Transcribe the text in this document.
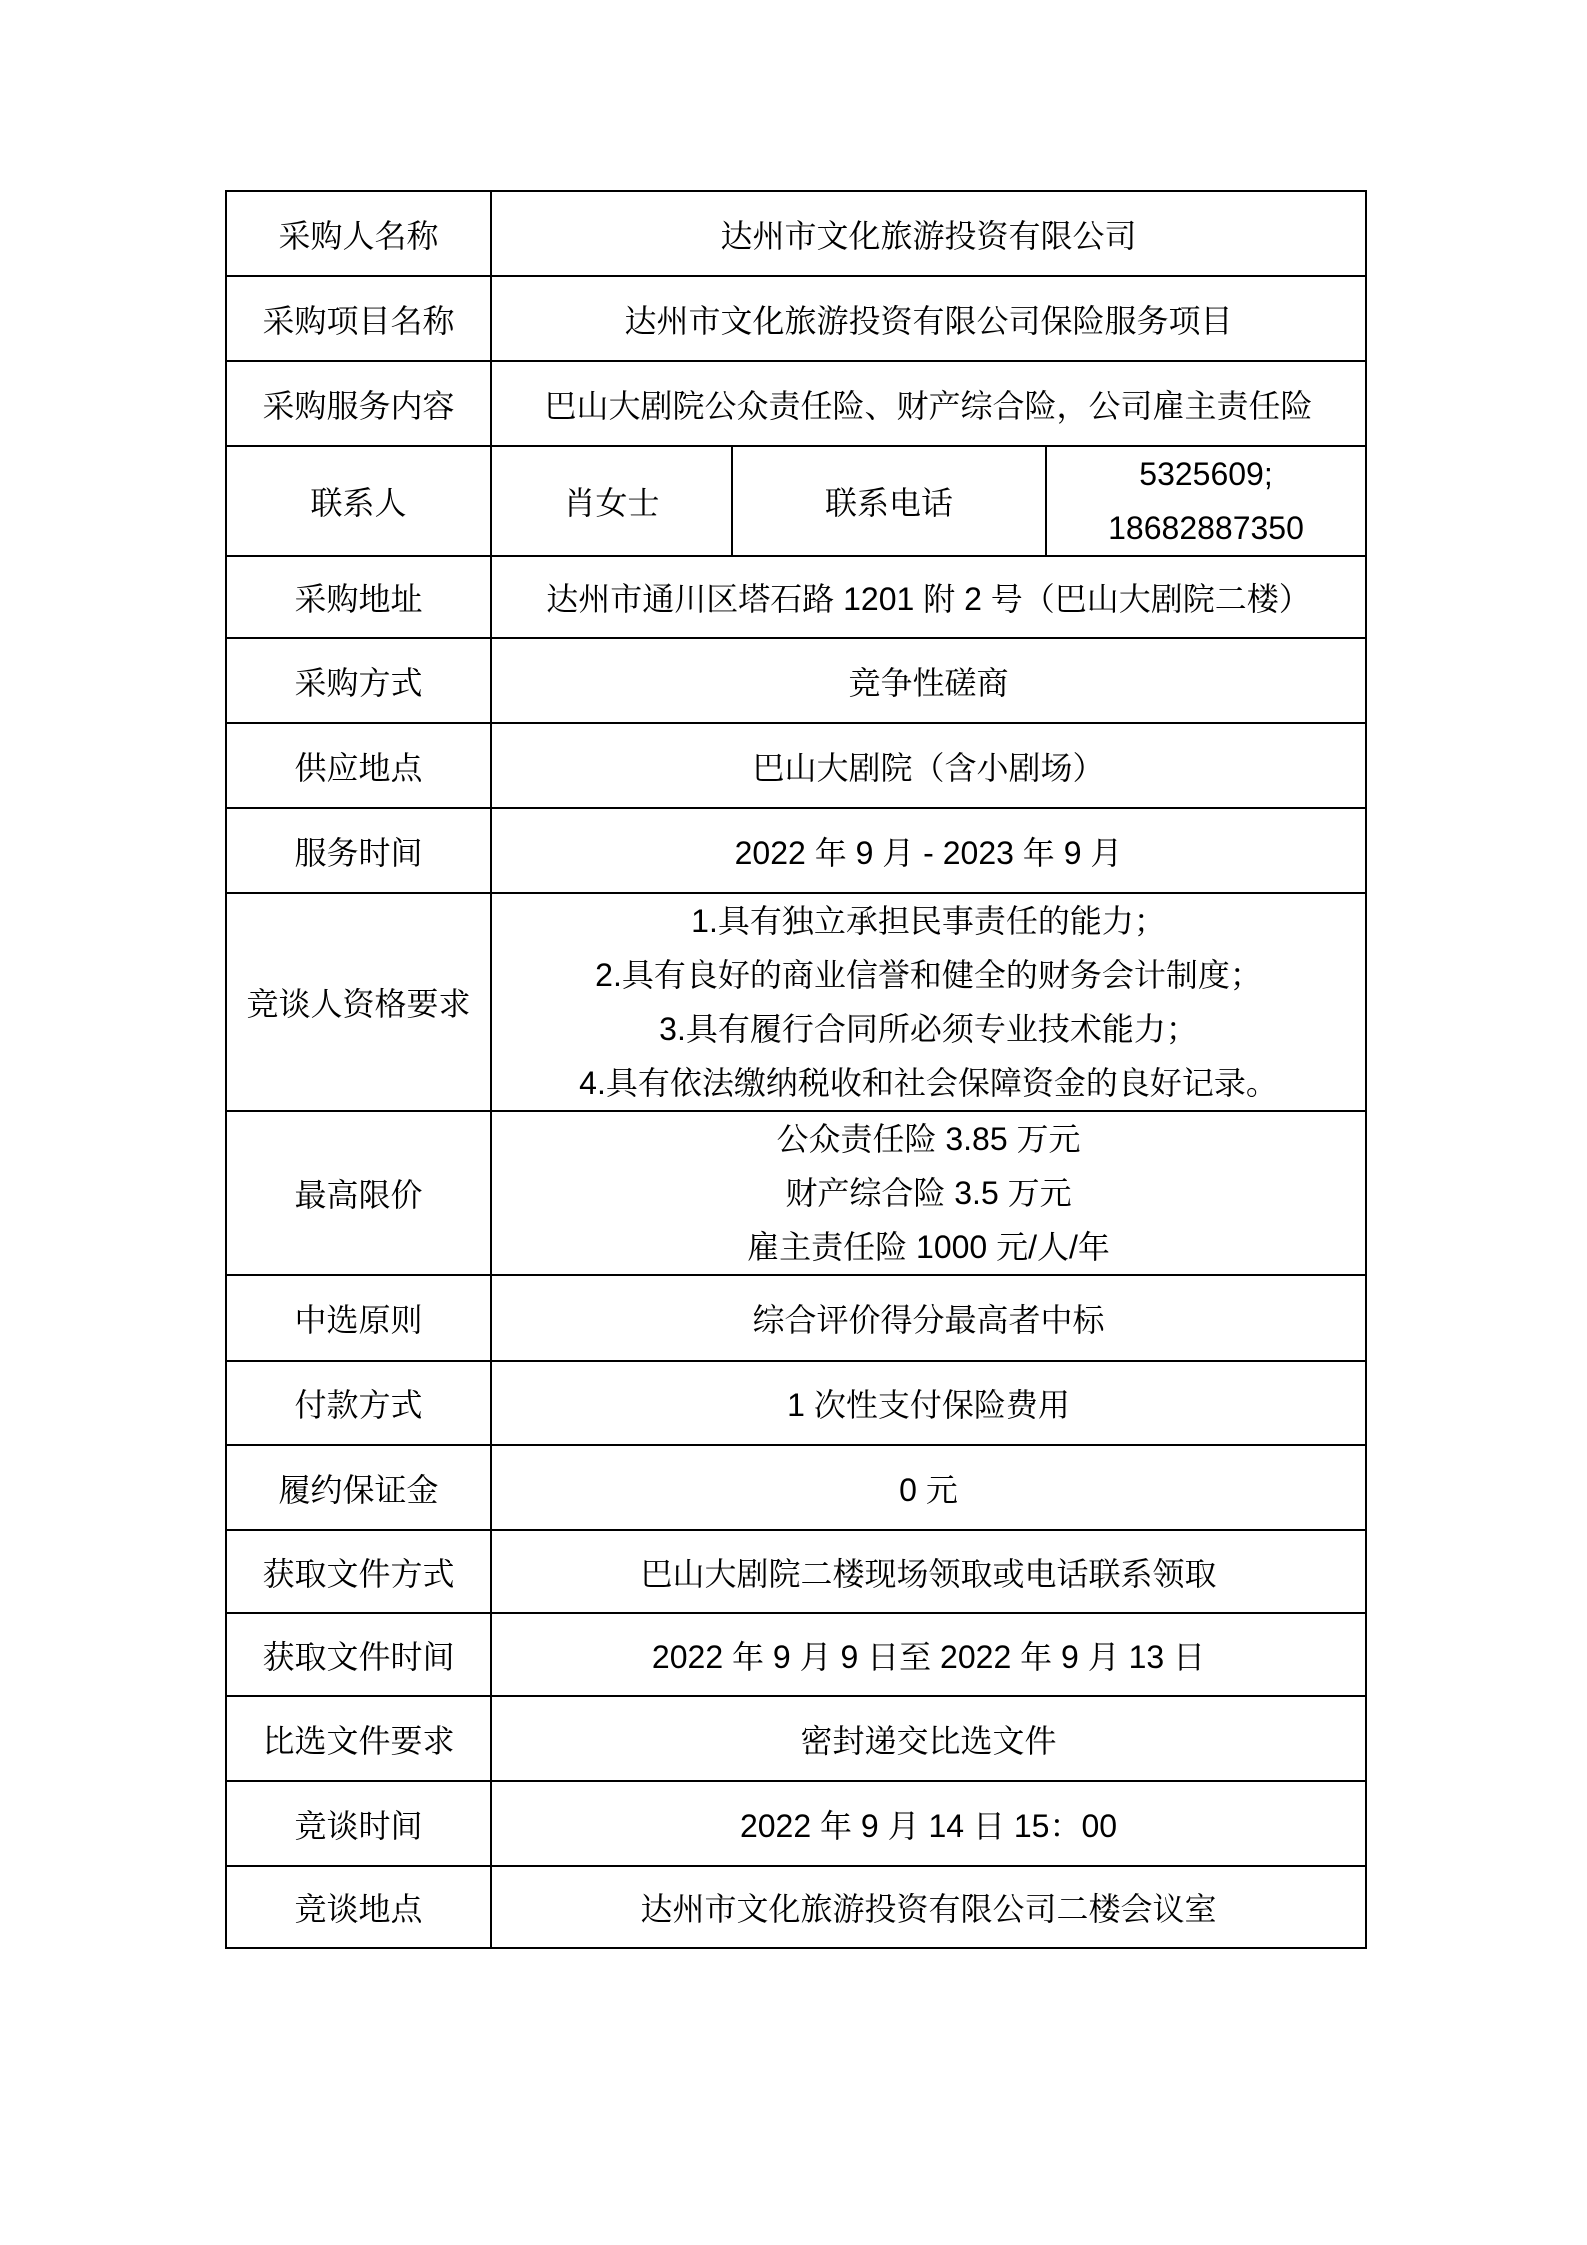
采购人名称	达州市文化旅游投资有限公司		
采购项目名称	达州市文化旅游投资有限公司保险服务项目		
采购服务内容	巴山大剧院公众责任险、财产综合险，公司雇主责任险		
联系人	肖女士	联系电话	5325609;
18682887350

采购地址	达州市通川区塔石路 1201 附 2 号（巴山大剧院二楼）		
采购方式	竞争性磋商		
供应地点	巴山大剧院（含小剧场）		
服务时间	2022 年 9 月 - 2023 年 9 月		
竞谈人资格要求	1.具有独立承担民事责任的能力；
2.具有良好的商业信誉和健全的财务会计制度；
3.具有履行合同所必须专业技术能力；
4.具有依法缴纳税收和社会保障资金的良好记录。		

最高限价	公众责任险 3.85 万元
财产综合险 3.5 万元
雇主责任险 1000 元/人/年		

中选原则	综合评价得分最高者中标		
付款方式	1 次性支付保险费用		
履约保证金	0 元		
获取文件方式	巴山大剧院二楼现场领取或电话联系领取		
获取文件时间	2022 年 9 月 9 日至 2022 年 9 月 13 日		
比选文件要求	密封递交比选文件		
竞谈时间	2022 年 9 月 14 日 15：00		
竞谈地点	达州市文化旅游投资有限公司二楼会议室		
